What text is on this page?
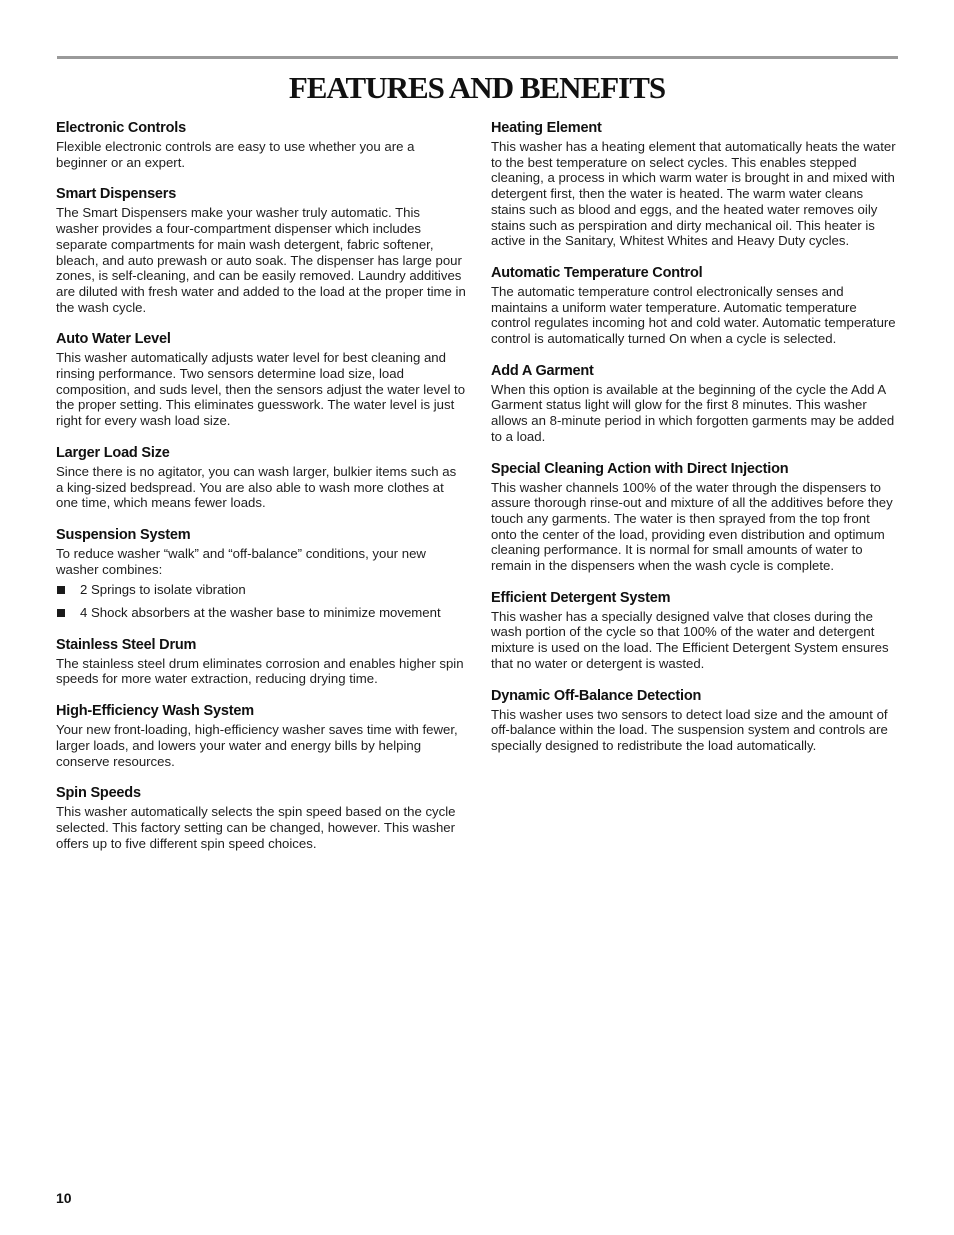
FEATURES AND BENEFITS
Electronic Controls

Flexible electronic controls are easy to use whether you are a beginner or an expert.

Smart Dispensers

The Smart Dispensers make your washer truly automatic. This washer provides a four-compartment dispenser which includes separate compartments for main wash detergent, fabric softener, bleach, and auto prewash or auto soak. The dispenser has large pour zones, is self-cleaning, and can be easily removed. Laundry additives are diluted with fresh water and added to the load at the proper time in the wash cycle.

Auto Water Level

This washer automatically adjusts water level for best cleaning and rinsing performance. Two sensors determine load size, load composition, and suds level, then the sensors adjust the water level to the proper setting. This eliminates guesswork. The water level is just right for every wash load size.

Larger Load Size

Since there is no agitator, you can wash larger, bulkier items such as a king-sized bedspread. You are also able to wash more clothes at one time, which means fewer loads.

Suspension System

To reduce washer “walk” and “off-balance” conditions, your new washer combines:

2 Springs to isolate vibration
4 Shock absorbers at the washer base to minimize movement
Stainless Steel Drum

The stainless steel drum eliminates corrosion and enables higher spin speeds for more water extraction, reducing drying time.

High-Efficiency Wash System

Your new front-loading, high-efficiency washer saves time with fewer, larger loads, and lowers your water and energy bills by helping conserve resources.

Spin Speeds

This washer automatically selects the spin speed based on the cycle selected. This factory setting can be changed, however. This washer offers up to five different spin speed choices.

Heating Element

This washer has a heating element that automatically heats the water to the best temperature on select cycles. This enables stepped cleaning, a process in which warm water is brought in and mixed with detergent first, then the water is heated. The warm water cleans stains such as blood and eggs, and the heated water removes oily stains such as perspiration and dirty mechanical oil. This heater is active in the Sanitary, Whitest Whites and Heavy Duty cycles.

Automatic Temperature Control

The automatic temperature control electronically senses and maintains a uniform water temperature. Automatic temperature control regulates incoming hot and cold water. Automatic temperature control is automatically turned On when a cycle is selected.

Add A Garment

When this option is available at the beginning of the cycle the Add A Garment status light will glow for the first 8 minutes. This washer allows an 8-minute period in which forgotten garments may be added to a load.

Special Cleaning Action with Direct Injection

This washer channels 100% of the water through the dispensers to assure thorough rinse-out and mixture of all the additives before they touch any garments. The water is then sprayed from the top front onto the center of the load, providing even distribution and optimum cleaning performance. It is normal for small amounts of water to remain in the dispensers when the wash cycle is complete.

Efficient Detergent System

This washer has a specially designed valve that closes during the wash portion of the cycle so that 100% of the water and detergent mixture is used on the load. The Efficient Detergent System ensures that no water or detergent is wasted.

Dynamic Off-Balance Detection

This washer uses two sensors to detect load size and the amount of off-balance within the load. The suspension system and controls are specially designed to redistribute the load automatically.

10
